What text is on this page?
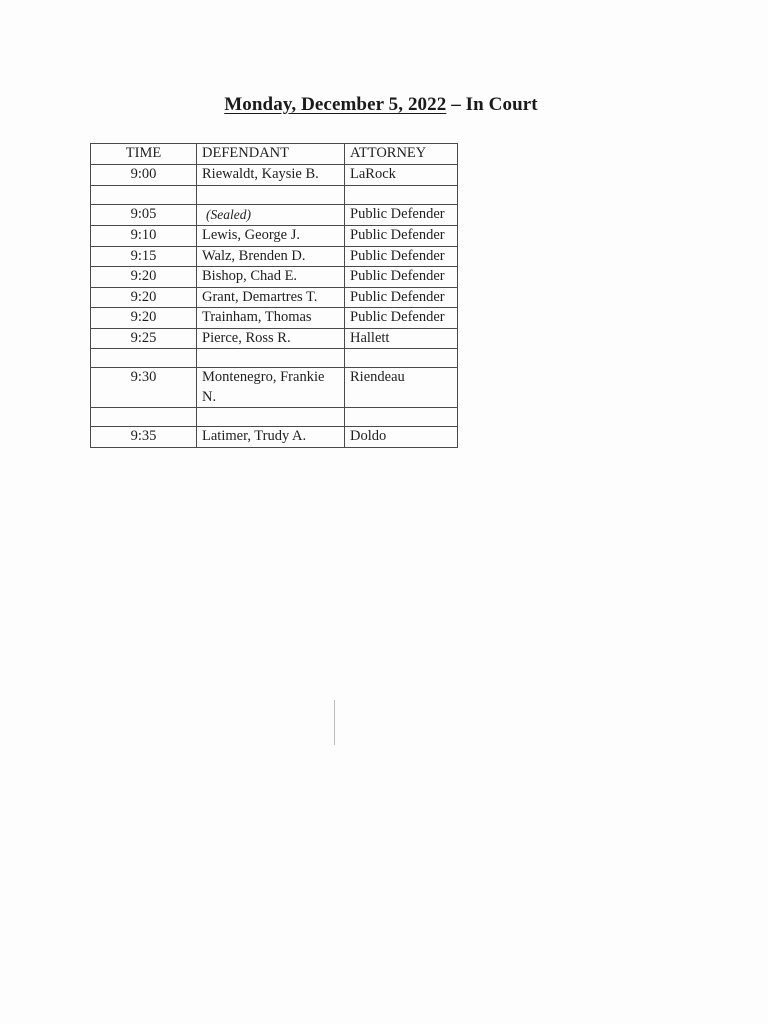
Monday, December 5, 2022 – In Court
TIME	DEFENDANT	ATTORNEY
9:00	Riewaldt, Kaysie B.	LaRock

9:05	(Sealed)	Public Defender
9:10	Lewis, George J.	Public Defender
9:15	Walz, Brenden D.	Public Defender
9:20	Bishop, Chad E.	Public Defender
9:20	Grant, Demartres T.	Public Defender
9:20	Trainham, Thomas	Public Defender
9:25	Pierce, Ross R.	Hallett

9:30	Montenegro, Frankie N.	Riendeau

9:35	Latimer, Trudy A.	Doldo
